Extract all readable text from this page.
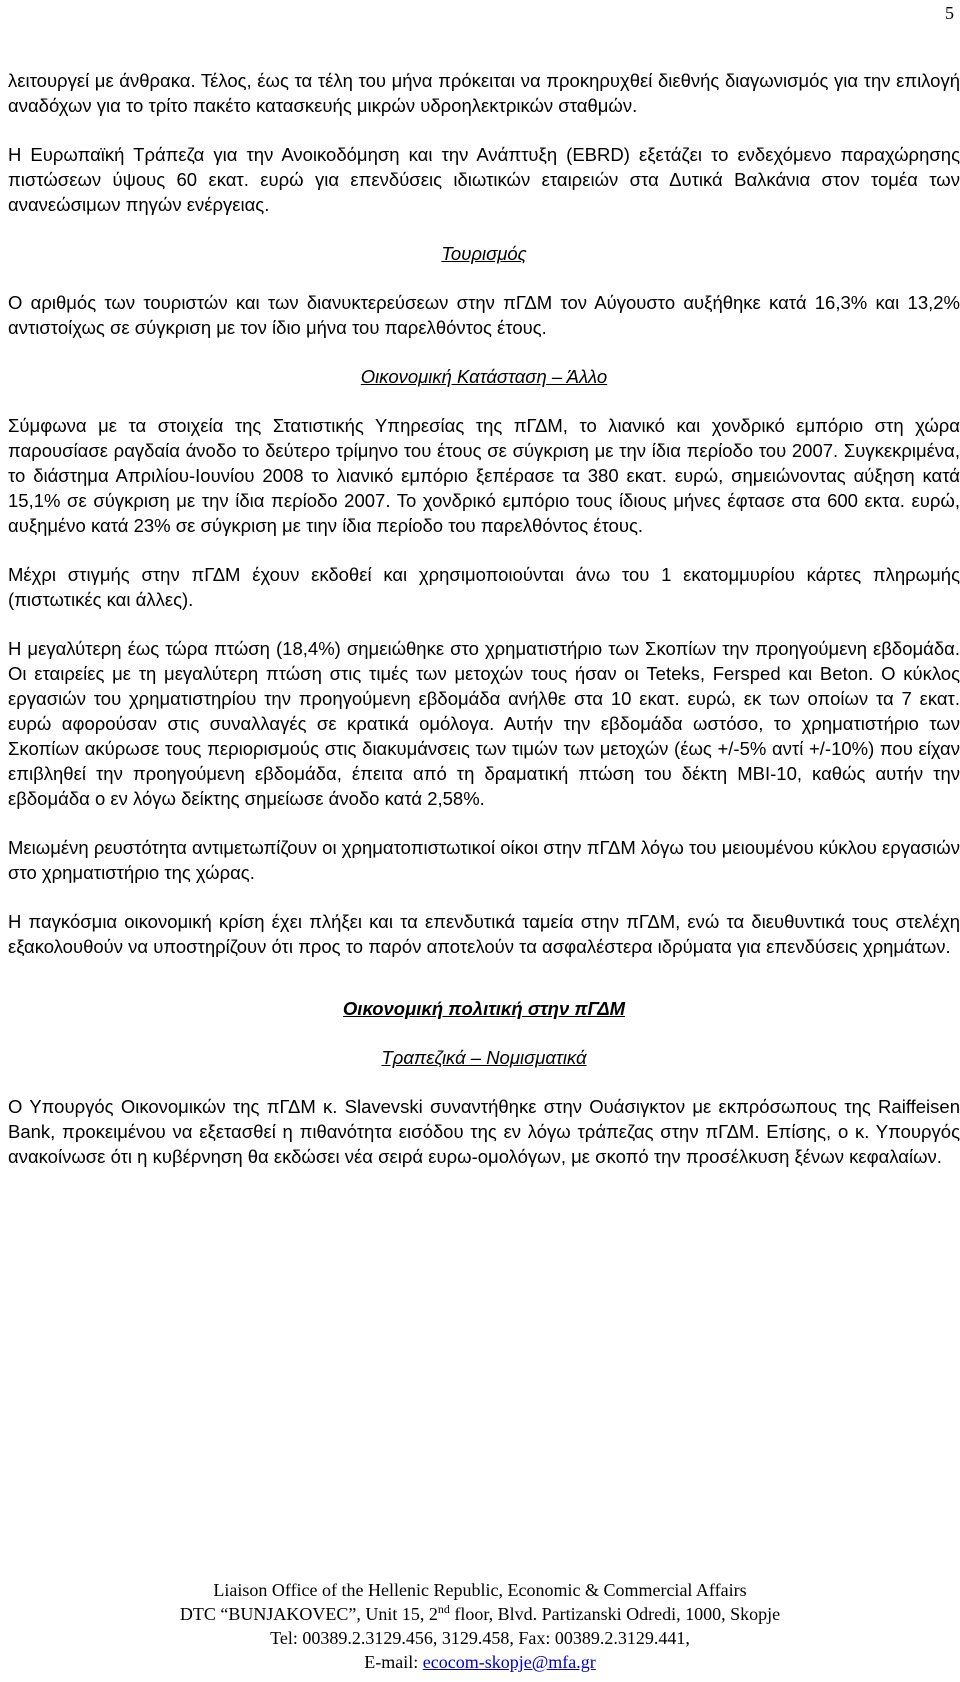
5

λειτουργεί με άνθρακα. Τέλος, έως τα τέλη του μήνα πρόκειται να προκηρυχθεί διεθνής διαγωνισμός για την επιλογή αναδόχων για το τρίτο πακέτο κατασκευής μικρών υδροηλεκτρικών σταθμών.

Η Ευρωπαϊκή Τράπεζα για την Ανοικοδόμηση και την Ανάπτυξη (EBRD) εξετάζει το ενδεχόμενο παραχώρησης πιστώσεων ύψους 60 εκατ. ευρώ για επενδύσεις ιδιωτικών εταιρειών στα Δυτικά Βαλκάνια στον τομέα των ανανεώσιμων πηγών ενέργειας.

Τουρισμός

Ο αριθμός των τουριστών και των διανυκτερεύσεων στην πΓΔΜ τον Αύγουστο αυξήθηκε κατά 16,3% και 13,2% αντιστοίχως σε σύγκριση με τον ίδιο μήνα του παρελθόντος έτους.

Οικονομική Κατάσταση – Άλλο

Σύμφωνα με τα στοιχεία της Στατιστικής Υπηρεσίας της πΓΔΜ, το λιανικό και χονδρικό εμπόριο στη χώρα παρουσίασε ραγδαία άνοδο το δεύτερο τρίμηνο του έτους σε σύγκριση με την ίδια περίοδο του 2007. Συγκεκριμένα, το διάστημα Απριλίου-Ιουνίου 2008 το λιανικό εμπόριο ξεπέρασε τα 380 εκατ. ευρώ, σημειώνοντας αύξηση κατά 15,1% σε σύγκριση με την ίδια περίοδο 2007. Το χονδρικό εμπόριο τους ίδιους μήνες έφτασε στα 600 εκτα. ευρώ, αυξημένο κατά 23% σε σύγκριση με τιην ίδια περίοδο του παρελθόντος έτους.

Μέχρι στιγμής στην πΓΔΜ έχουν εκδοθεί και χρησιμοποιούνται άνω του 1 εκατομμυρίου κάρτες πληρωμής (πιστωτικές και άλλες).

Η μεγαλύτερη έως τώρα πτώση (18,4%) σημειώθηκε στο χρηματιστήριο των Σκοπίων την προηγούμενη εβδομάδα. Οι εταιρείες με τη μεγαλύτερη πτώση στις τιμές των μετοχών τους ήσαν οι Teteks, Fersped και Beton. Ο κύκλος εργασιών του χρηματιστηρίου την προηγούμενη εβδομάδα ανήλθε στα 10 εκατ. ευρώ, εκ των οποίων τα 7 εκατ. ευρώ αφορούσαν στις συναλλαγές σε κρατικά ομόλογα. Αυτήν την εβδομάδα ωστόσο, το χρηματιστήριο των Σκοπίων ακύρωσε τους περιορισμούς στις διακυμάνσεις των τιμών των μετοχών (έως +/-5% αντί +/-10%) που είχαν επιβληθεί την προηγούμενη εβδομάδα, έπειτα από τη δραματική πτώση του δέκτη MBI-10, καθώς αυτήν την εβδομάδα ο εν λόγω δείκτης σημείωσε άνοδο κατά 2,58%.

Μειωμένη ρευστότητα αντιμετωπίζουν οι χρηματοπιστωτικοί οίκοι στην πΓΔΜ λόγω του μειουμένου κύκλου εργασιών στο χρηματιστήριο της χώρας.

Η παγκόσμια οικονομική κρίση έχει πλήξει και τα επενδυτικά ταμεία στην πΓΔΜ, ενώ τα διευθυντικά τους στελέχη εξακολουθούν να υποστηρίζουν ότι προς το παρόν αποτελούν τα ασφαλέστερα ιδρύματα για επενδύσεις χρημάτων.

Οικονομική πολιτική στην πΓΔΜ
Τραπεζικά – Νομισματικά

Ο Υπουργός Οικονομικών της πΓΔΜ κ. Slavevski συναντήθηκε στην Ουάσιγκτον με εκπρόσωπους της Raiffeisen Bank, προκειμένου να εξετασθεί η πιθανότητα εισόδου της εν λόγω τράπεζας στην πΓΔΜ. Επίσης, ο κ. Υπουργός ανακοίνωσε ότι η κυβέρνηση θα εκδώσει νέα σειρά ευρω-ομολόγων, με σκοπό την προσέλκυση ξένων κεφαλαίων.

Liaison Office of the Hellenic Republic, Economic & Commercial Affairs
DTC “BUNJAKOVEC”, Unit 15, 2nd floor, Blvd. Partizanski Odredi, 1000, Skopje
Tel: 00389.2.3129.456, 3129.458, Fax: 00389.2.3129.441,
E-mail: ecocom-skopje@mfa.gr
